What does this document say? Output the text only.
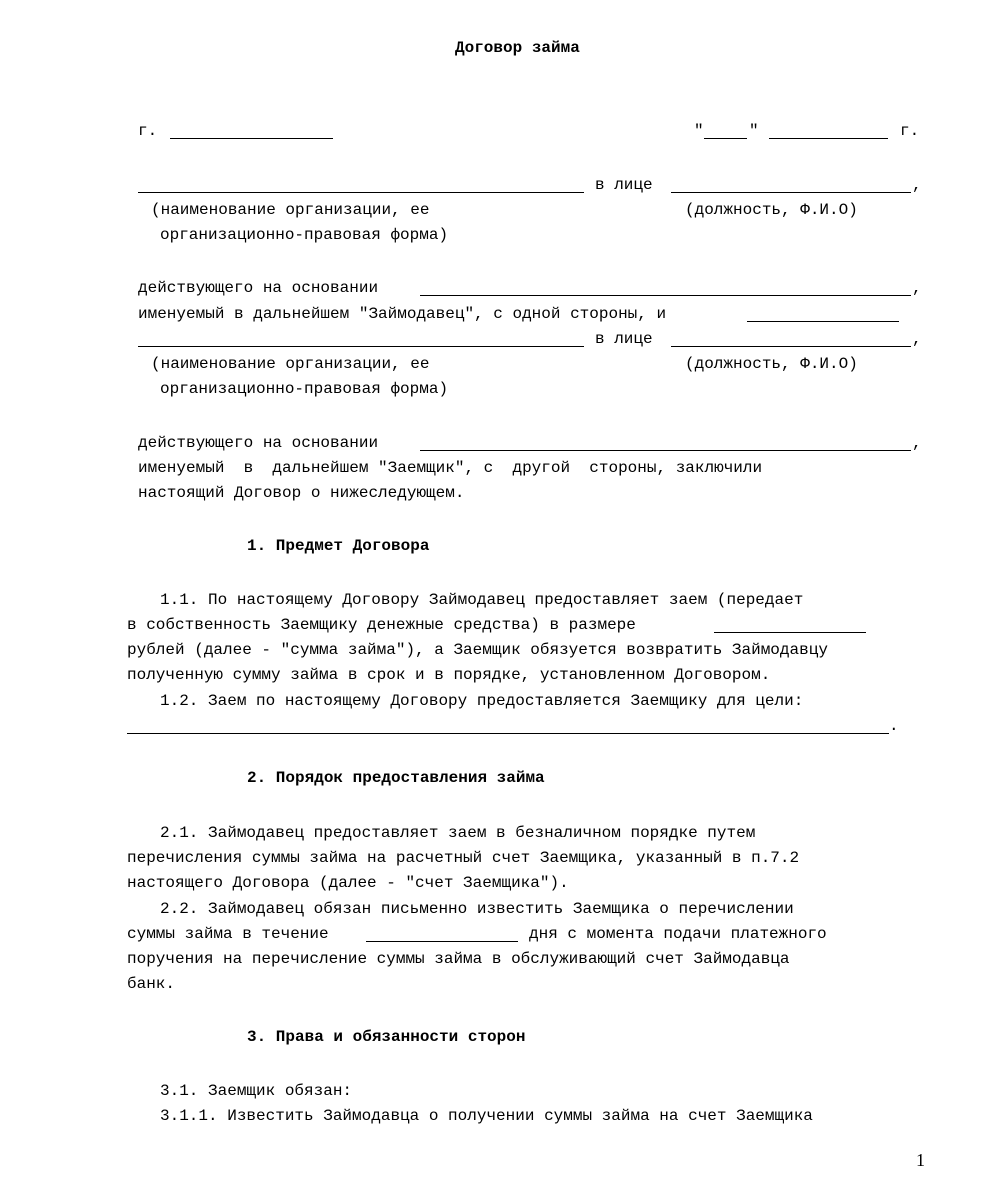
Договор займа
г.	"	"	г.
в лице	,
(наименование организации, ее	(должность, Ф.И.О)
организационно-правовая форма)
действующего на основании	,
именуемый в дальнейшем "Займодавец", с одной стороны, и
в лице	,
(наименование организации, ее	(должность, Ф.И.О)
организационно-правовая форма)
действующего на основании	,
именуемый  в  дальнейшем "Заемщик", с  другой  стороны, заключили
настоящий Договор о нижеследующем.
1. Предмет Договора
1.1. По настоящему Договору Займодавец предоставляет заем (передает
в собственность Заемщику денежные средства) в размере
рублей (далее - "сумма займа"), а Заемщик обязуется возвратить Займодавцу
полученную сумму займа в срок и в порядке, установленном Договором.
1.2. Заем по настоящему Договору предоставляется Заемщику для цели:
.
2. Порядок предоставления займа
2.1. Займодавец предоставляет заем в безналичном порядке путем
перечисления суммы займа на расчетный счет Заемщика, указанный в п.7.2
настоящего Договора (далее - "счет Заемщика").
2.2. Займодавец обязан письменно известить Заемщика о перечислении
суммы займа в течение	дня с момента подачи платежного
поручения на перечисление суммы займа в обслуживающий счет Займодавца
банк.
3. Права и обязанности сторон
3.1. Заемщик обязан:
3.1.1. Известить Займодавца о получении суммы займа на счет Заемщика
1
